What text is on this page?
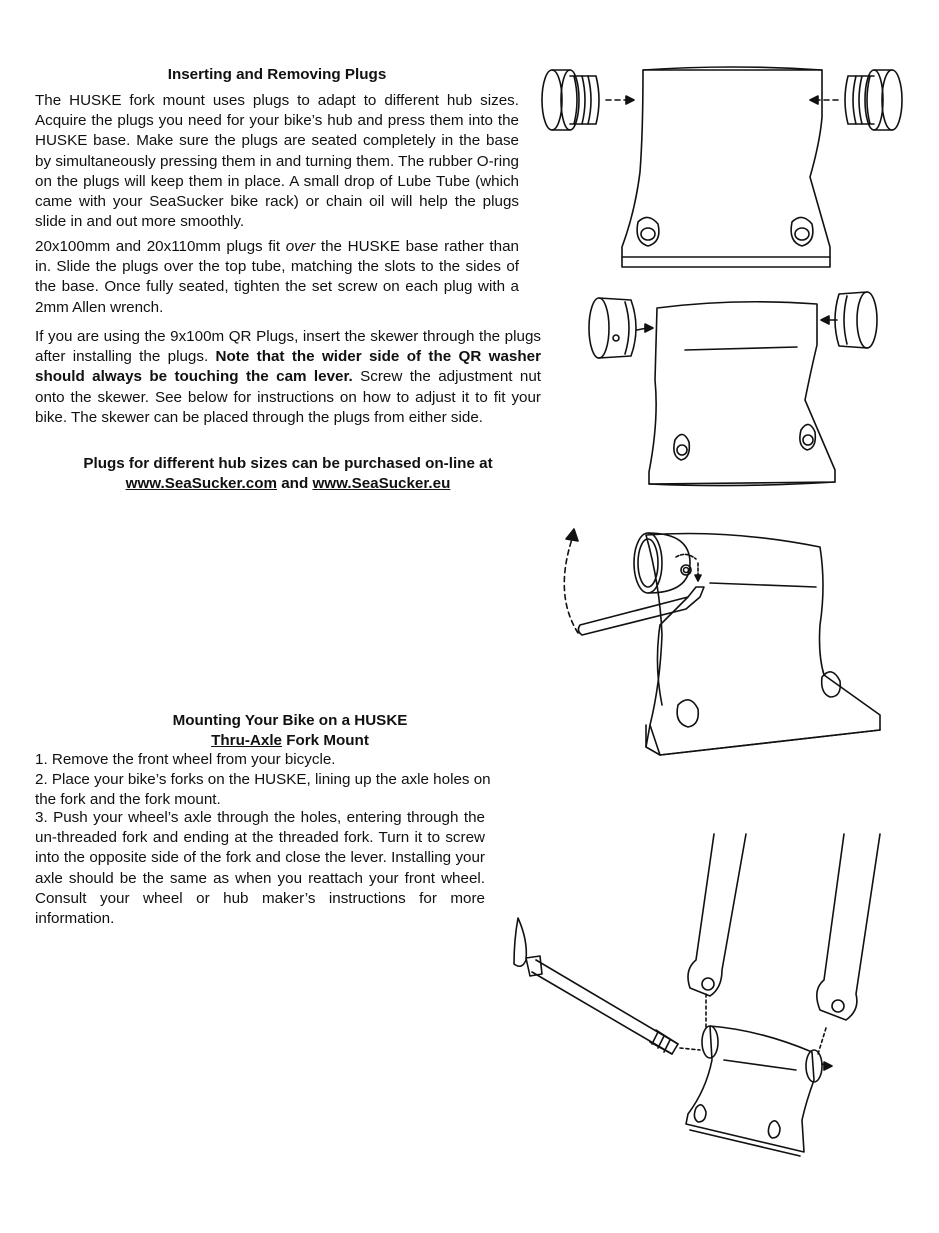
Inserting and Removing Plugs

The HUSKE fork mount uses plugs to adapt to different hub sizes. Acquire the plugs you need for your bike’s hub and press them into the HUSKE base. Make sure the plugs are seated completely in the base by simultaneously pressing them in and turning them. The rubber O-ring on the plugs will keep them in place. A small drop of Lube Tube (which came with your SeaSucker bike rack) or chain oil will help the plugs slide in and out more smoothly.

20x100mm and 20x110mm plugs fit over the HUSKE base rather than in. Slide the plugs over the top tube, matching the slots to the sides of the base. Once fully seated, tighten the set screw on each plug with a 2mm Allen wrench.

If you are using the 9x100m QR Plugs, insert the skewer through the plugs after installing the plugs. Note that the wider side of the QR washer should always be touching the cam lever. Screw the adjustment nut onto the skewer. See below for instructions on how to adjust it to fit your bike. The skewer can be placed through the plugs from either side.

Plugs for different hub sizes can be purchased on-line at
www.SeaSucker.com and www.SeaSucker.eu
Mounting Your Bike on a HUSKE
Thru-Axle Fork Mount
1. Remove the front wheel from your bicycle.
2. Place your bike’s forks on the HUSKE, lining up the axle holes on
the fork and the fork mount.

3. Push your wheel’s axle through the holes, entering through the un-threaded fork and ending at the threaded fork. Turn it to screw into the opposite side of the fork and close the lever. Installing your axle should be the same as when you reattach your front wheel. Consult your wheel or hub maker’s instructions for more information.
